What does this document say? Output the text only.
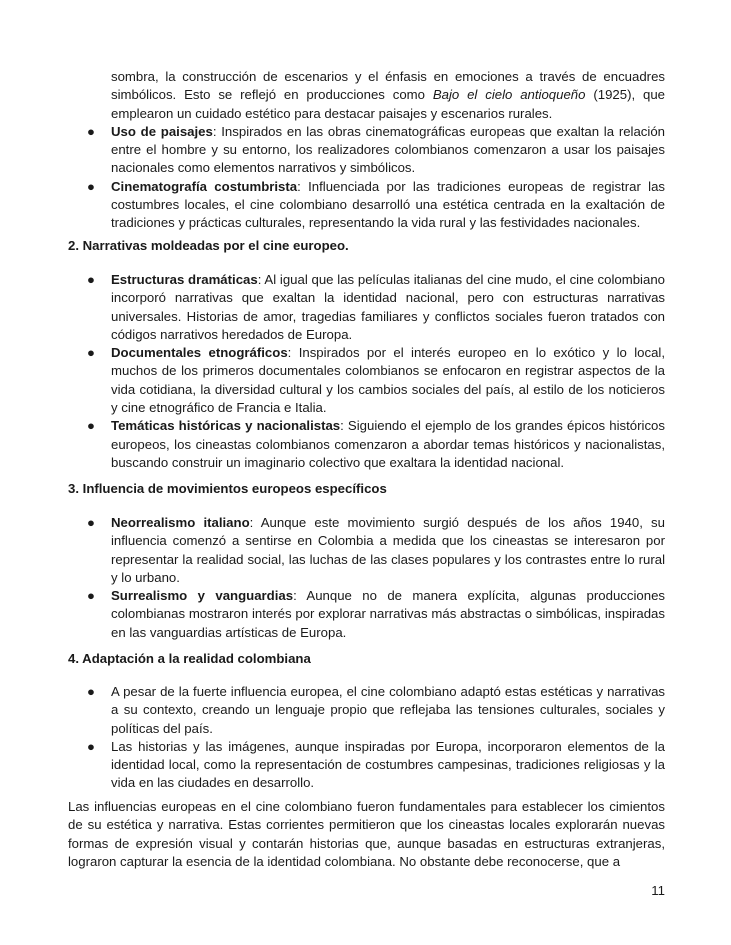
sombra, la construcción de escenarios y el énfasis en emociones a través de encuadres simbólicos. Esto se reflejó en producciones como Bajo el cielo antioqueño (1925), que emplearon un cuidado estético para destacar paisajes y escenarios rurales.

● Uso de paisajes: Inspirados en las obras cinematográficas europeas que exaltan la relación entre el hombre y su entorno, los realizadores colombianos comenzaron a usar los paisajes nacionales como elementos narrativos y simbólicos.
● Cinematografía costumbrista: Influenciada por las tradiciones europeas de registrar las costumbres locales, el cine colombiano desarrolló una estética centrada en la exaltación de tradiciones y prácticas culturales, representando la vida rural y las festividades nacionales.
2. Narrativas moldeadas por el cine europeo.
● Estructuras dramáticas: Al igual que las películas italianas del cine mudo, el cine colombiano incorporó narrativas que exaltan la identidad nacional, pero con estructuras narrativas universales. Historias de amor, tragedias familiares y conflictos sociales fueron tratados con códigos narrativos heredados de Europa.
● Documentales etnográficos: Inspirados por el interés europeo en lo exótico y lo local, muchos de los primeros documentales colombianos se enfocaron en registrar aspectos de la vida cotidiana, la diversidad cultural y los cambios sociales del país, al estilo de los noticieros y cine etnográfico de Francia e Italia.
● Temáticas históricas y nacionalistas: Siguiendo el ejemplo de los grandes épicos históricos europeos, los cineastas colombianos comenzaron a abordar temas históricos y nacionalistas, buscando construir un imaginario colectivo que exaltara la identidad nacional.
3. Influencia de movimientos europeos específicos
● Neorrealismo italiano: Aunque este movimiento surgió después de los años 1940, su influencia comenzó a sentirse en Colombia a medida que los cineastas se interesaron por representar la realidad social, las luchas de las clases populares y los contrastes entre lo rural y lo urbano.
● Surrealismo y vanguardias: Aunque no de manera explícita, algunas producciones colombianas mostraron interés por explorar narrativas más abstractas o simbólicas, inspiradas en las vanguardias artísticas de Europa.
4. Adaptación a la realidad colombiana
● A pesar de la fuerte influencia europea, el cine colombiano adaptó estas estéticas y narrativas a su contexto, creando un lenguaje propio que reflejaba las tensiones culturales, sociales y políticas del país.
● Las historias y las imágenes, aunque inspiradas por Europa, incorporaron elementos de la identidad local, como la representación de costumbres campesinas, tradiciones religiosas y la vida en las ciudades en desarrollo.

Las influencias europeas en el cine colombiano fueron fundamentales para establecer los cimientos de su estética y narrativa. Estas corrientes permitieron que los cineastas locales explorarán nuevas formas de expresión visual y contarán historias que, aunque basadas en estructuras extranjeras, lograron capturar la esencia de la identidad colombiana. No obstante debe reconocerse, que a

11
